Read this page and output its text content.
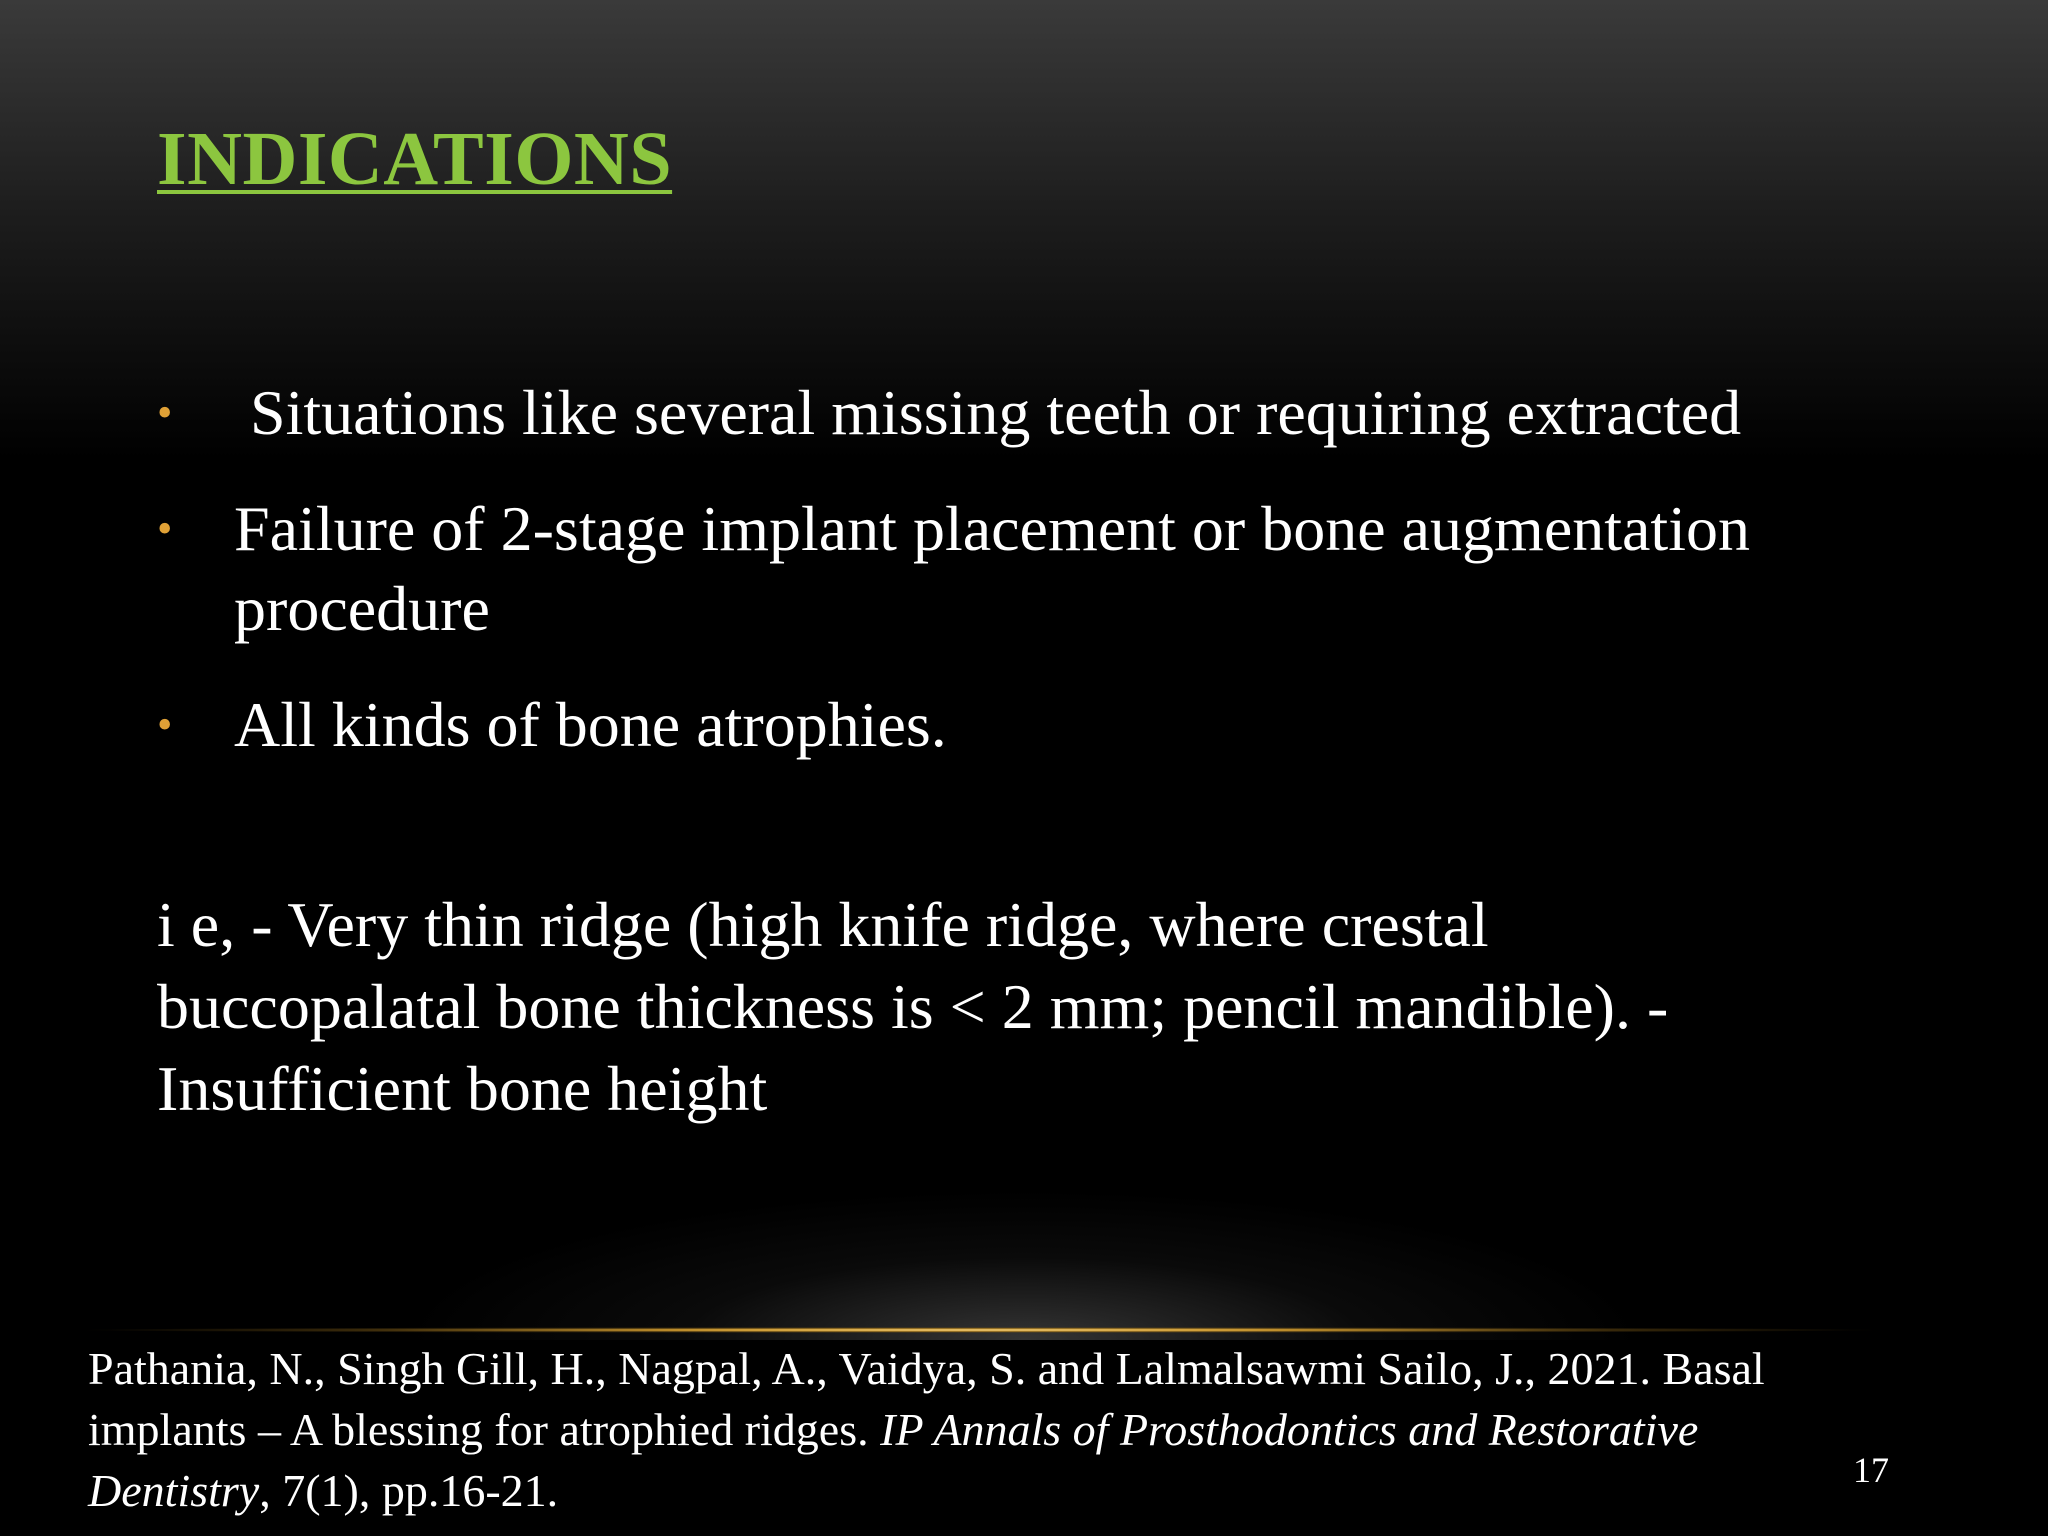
INDICATIONS
• Situations like several missing teeth or requiring extracted
• Failure of 2-stage implant placement or bone augmentation procedure
• All kinds of bone atrophies.

i e, - Very thin ridge (high knife ridge, where crestal
buccopalatal bone thickness is < 2 mm; pencil mandible). -
Insufficient bone height

Pathania, N., Singh Gill, H., Nagpal, A., Vaidya, S. and Lalmalsawmi Sailo, J., 2021. Basal implants – A blessing for atrophied ridges. IP Annals of Prosthodontics and Restorative Dentistry, 7(1), pp.16-21.	17
